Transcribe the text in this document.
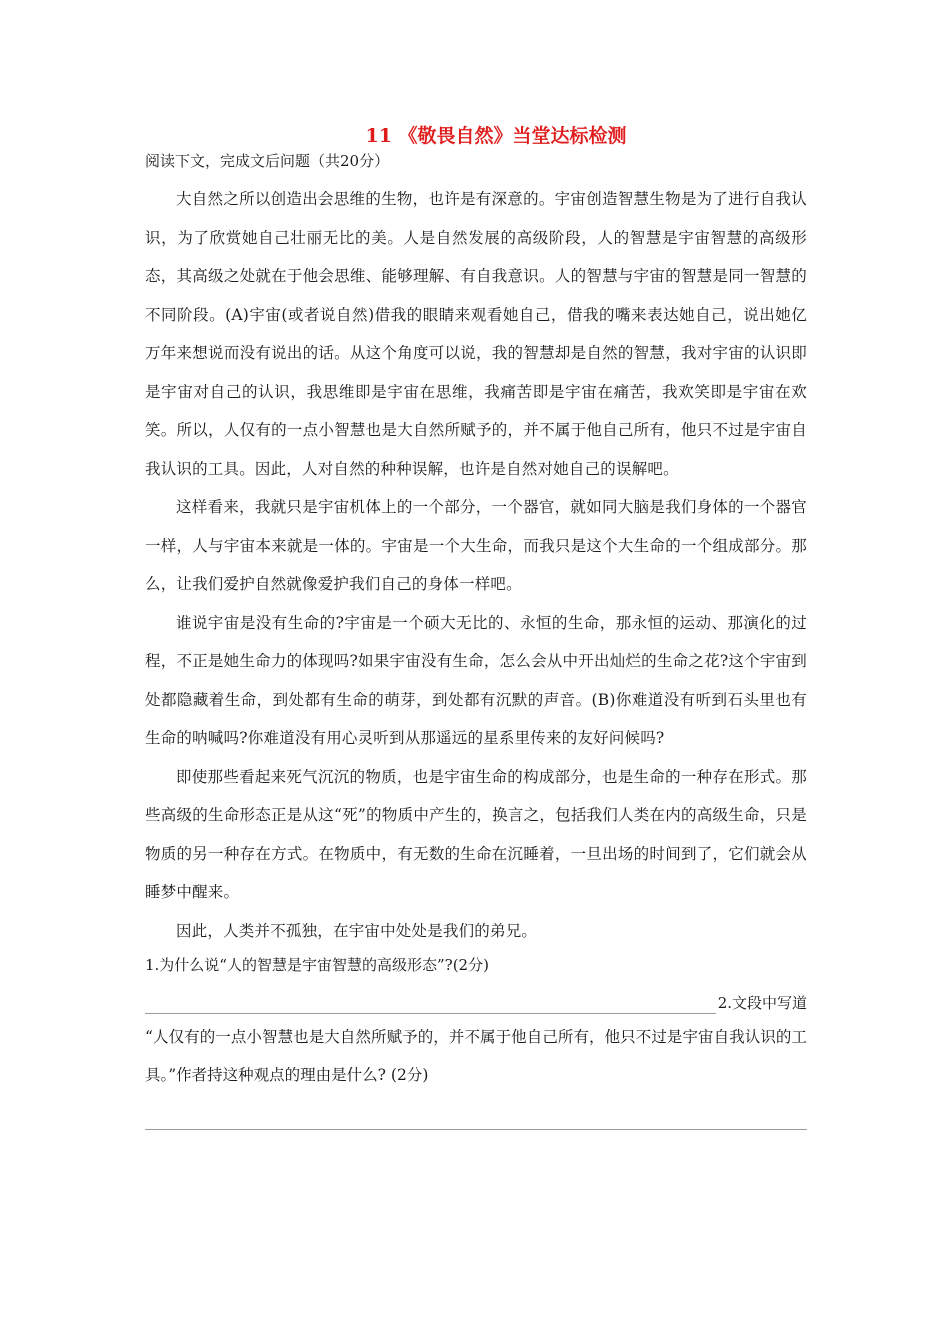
11 《敬畏自然》当堂达标检测

阅读下文，完成文后问题（共20分）

大自然之所以创造出会思维的生物，也许是有深意的。宇宙创造智慧生物是为了进行自我认识，为了欣赏她自己壮丽无比的美。人是自然发展的高级阶段，人的智慧是宇宙智慧的高级形态，其高级之处就在于他会思维、能够理解、有自我意识。人的智慧与宇宙的智慧是同一智慧的不同阶段。(A)宇宙(或者说自然)借我的眼睛来观看她自己，借我的嘴来表达她自己，说出她亿万年来想说而没有说出的话。从这个角度可以说，我的智慧却是自然的智慧，我对宇宙的认识即是宇宙对自己的认识，我思维即是宇宙在思维，我痛苦即是宇宙在痛苦，我欢笑即是宇宙在欢笑。所以，人仅有的一点小智慧也是大自然所赋予的，并不属于他自己所有，他只不过是宇宙自我认识的工具。因此，人对自然的种种误解，也许是自然对她自己的误解吧。

这样看来，我就只是宇宙机体上的一个部分，一个器官，就如同大脑是我们身体的一个器官一样，人与宇宙本来就是一体的。宇宙是一个大生命，而我只是这个大生命的一个组成部分。那么，让我们爱护自然就像爱护我们自己的身体一样吧。

谁说宇宙是没有生命的?宇宙是一个硕大无比的、永恒的生命，那永恒的运动、那演化的过程，不正是她生命力的体现吗?如果宇宙没有生命，怎么会从中开出灿烂的生命之花?这个宇宙到处都隐藏着生命，到处都有生命的萌芽，到处都有沉默的声音。(B)你难道没有听到石头里也有生命的呐喊吗?你难道没有用心灵听到从那遥远的星系里传来的友好问候吗?

即使那些看起来死气沉沉的物质，也是宇宙生命的构成部分，也是生命的一种存在形式。那些高级的生命形态正是从这“死”的物质中产生的，换言之，包括我们人类在内的高级生命，只是物质的另一种存在方式。在物质中，有无数的生命在沉睡着，一旦出场的时间到了，它们就会从睡梦中醒来。

因此，人类并不孤独，在宇宙中处处是我们的弟兄。

1.为什么说“人的智慧是宇宙智慧的高级形态”?(2分)

2.文段中写道

“人仅有的一点小智慧也是大自然所赋予的，并不属于他自己所有，他只不过是宇宙自我认识的工具。”作者持这种观点的理由是什么? (2分)
